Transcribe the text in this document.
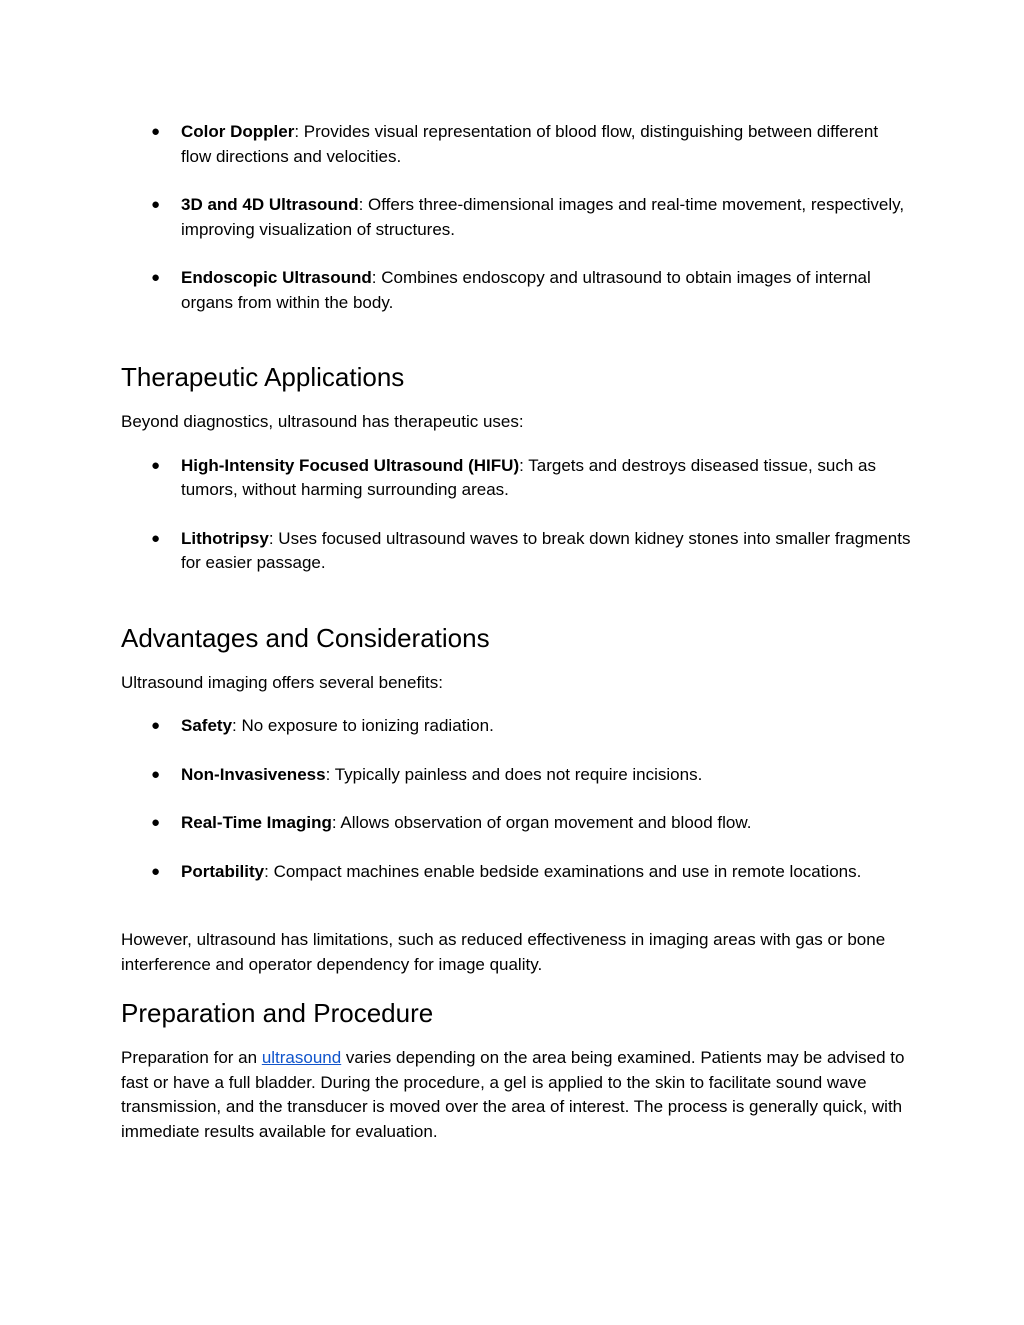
● Color Doppler: Provides visual representation of blood flow, distinguishing between different flow directions and velocities.
● 3D and 4D Ultrasound: Offers three-dimensional images and real-time movement, respectively, improving visualization of structures.
● Endoscopic Ultrasound: Combines endoscopy and ultrasound to obtain images of internal organs from within the body.
Therapeutic Applications

Beyond diagnostics, ultrasound has therapeutic uses:

● High-Intensity Focused Ultrasound (HIFU): Targets and destroys diseased tissue, such as tumors, without harming surrounding areas.
● Lithotripsy: Uses focused ultrasound waves to break down kidney stones into smaller fragments for easier passage.
Advantages and Considerations

Ultrasound imaging offers several benefits:

● Safety: No exposure to ionizing radiation.
● Non-Invasiveness: Typically painless and does not require incisions.
● Real-Time Imaging: Allows observation of organ movement and blood flow.
● Portability: Compact machines enable bedside examinations and use in remote locations.

However, ultrasound has limitations, such as reduced effectiveness in imaging areas with gas or bone interference and operator dependency for image quality.

Preparation and Procedure

Preparation for an ultrasound varies depending on the area being examined. Patients may be advised to fast or have a full bladder. During the procedure, a gel is applied to the skin to facilitate sound wave transmission, and the transducer is moved over the area of interest. The process is generally quick, with immediate results available for evaluation.
